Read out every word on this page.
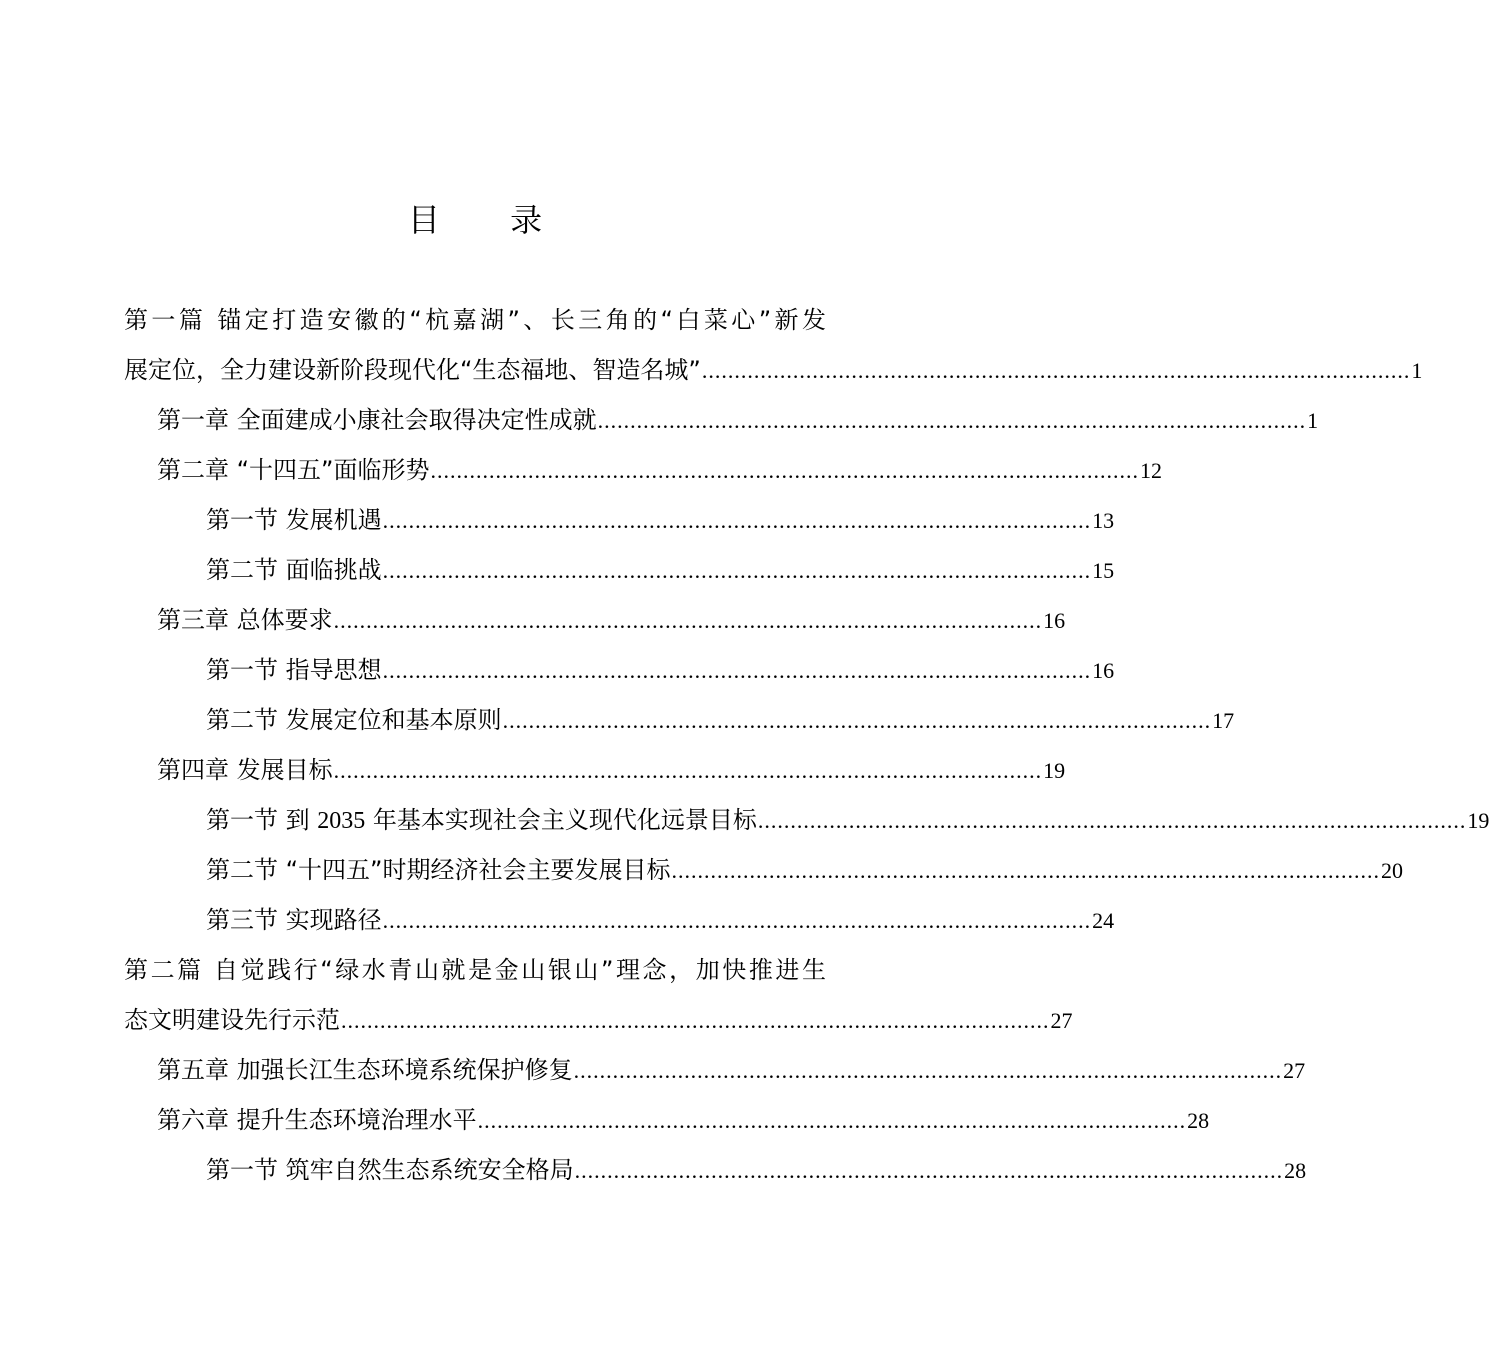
目 录
第一篇 锚定打造安徽的“杭嘉湖”、长三角的“白菜心”新发
展定位，全力建设新阶段现代化“生态福地、智造名城” ............................................................................................................. 1
第一章 全面建成小康社会取得决定性成就 ............................................................................................................. 1
第二章 “十四五”面临形势 ............................................................................................................. 12
第一节 发展机遇 ............................................................................................................. 13
第二节 面临挑战 ............................................................................................................. 15
第三章 总体要求 ............................................................................................................. 16
第一节 指导思想 ............................................................................................................. 16
第二节 发展定位和基本原则 ............................................................................................................. 17
第四章 发展目标 ............................................................................................................. 19
第一节 到 2035 年基本实现社会主义现代化远景目标 ............................................................................................................. 19
第二节 “十四五”时期经济社会主要发展目标 ............................................................................................................. 20
第三节 实现路径 ............................................................................................................. 24
第二篇 自觉践行“绿水青山就是金山银山”理念，加快推进生
态文明建设先行示范 ............................................................................................................. 27
第五章 加强长江生态环境系统保护修复 ............................................................................................................. 27
第六章 提升生态环境治理水平 ............................................................................................................. 28
第一节 筑牢自然生态系统安全格局 ............................................................................................................. 28
